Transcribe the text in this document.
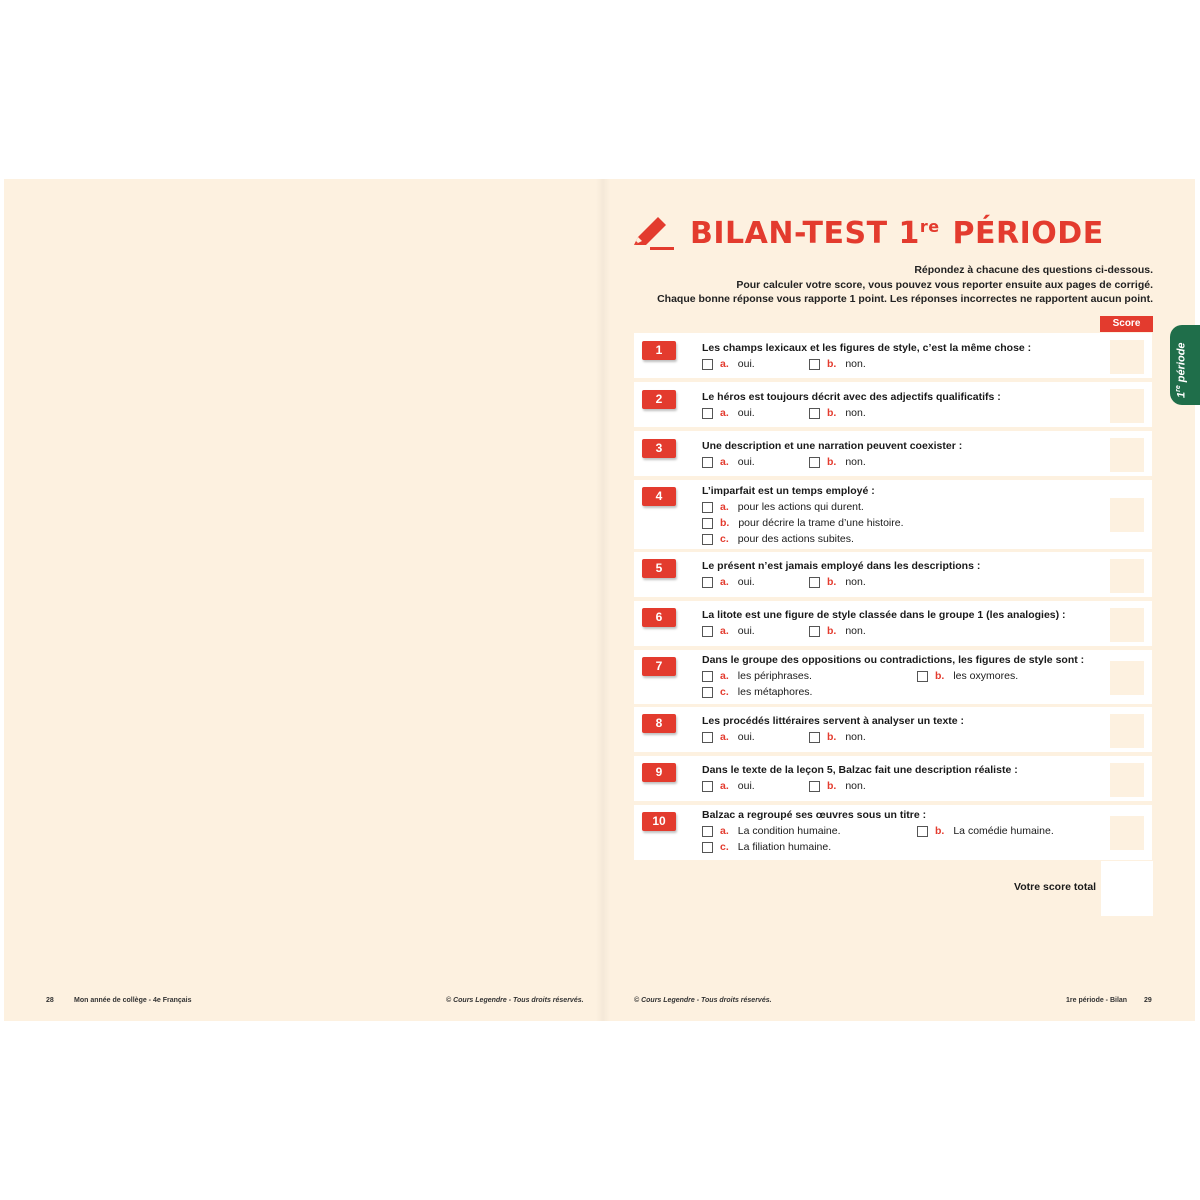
BILAN-TEST 1re PÉRIODE
Répondez à chacune des questions ci-dessous.
Pour calculer votre score, vous pouvez vous reporter ensuite aux pages de corrigé.
Chaque bonne réponse vous rapporte 1 point. Les réponses incorrectes ne rapportent aucun point.
Score
1	Les champs lexicaux et les figures de style, c’est la même chose :
a. oui.	b. non.
2	Le héros est toujours décrit avec des adjectifs qualificatifs :
a. oui.	b. non.
3	Une description et une narration peuvent coexister :
a. oui.	b. non.
4	L’imparfait est un temps employé :
a. pour les actions qui durent.
b. pour décrire la trame d’une histoire.
c. pour des actions subites.
5	Le présent n’est jamais employé dans les descriptions :
a. oui.	b. non.
6	La litote est une figure de style classée dans le groupe 1 (les analogies) :
a. oui.	b. non.
7	Dans le groupe des oppositions ou contradictions, les figures de style sont :
a. les périphrases.	b. les oxymores.
c. les métaphores.
8	Les procédés littéraires servent à analyser un texte :
a. oui.	b. non.
9	Dans le texte de la leçon 5, Balzac fait une description réaliste :
a. oui.	b. non.
10	Balzac a regroupé ses œuvres sous un titre :
a. La condition humaine.	b. La comédie humaine.
c. La filiation humaine.
Votre score total
1re période
28	Mon année de collège - 4e Français	© Cours Legendre - Tous droits réservés.	© Cours Legendre - Tous droits réservés.	1re période - Bilan 29
